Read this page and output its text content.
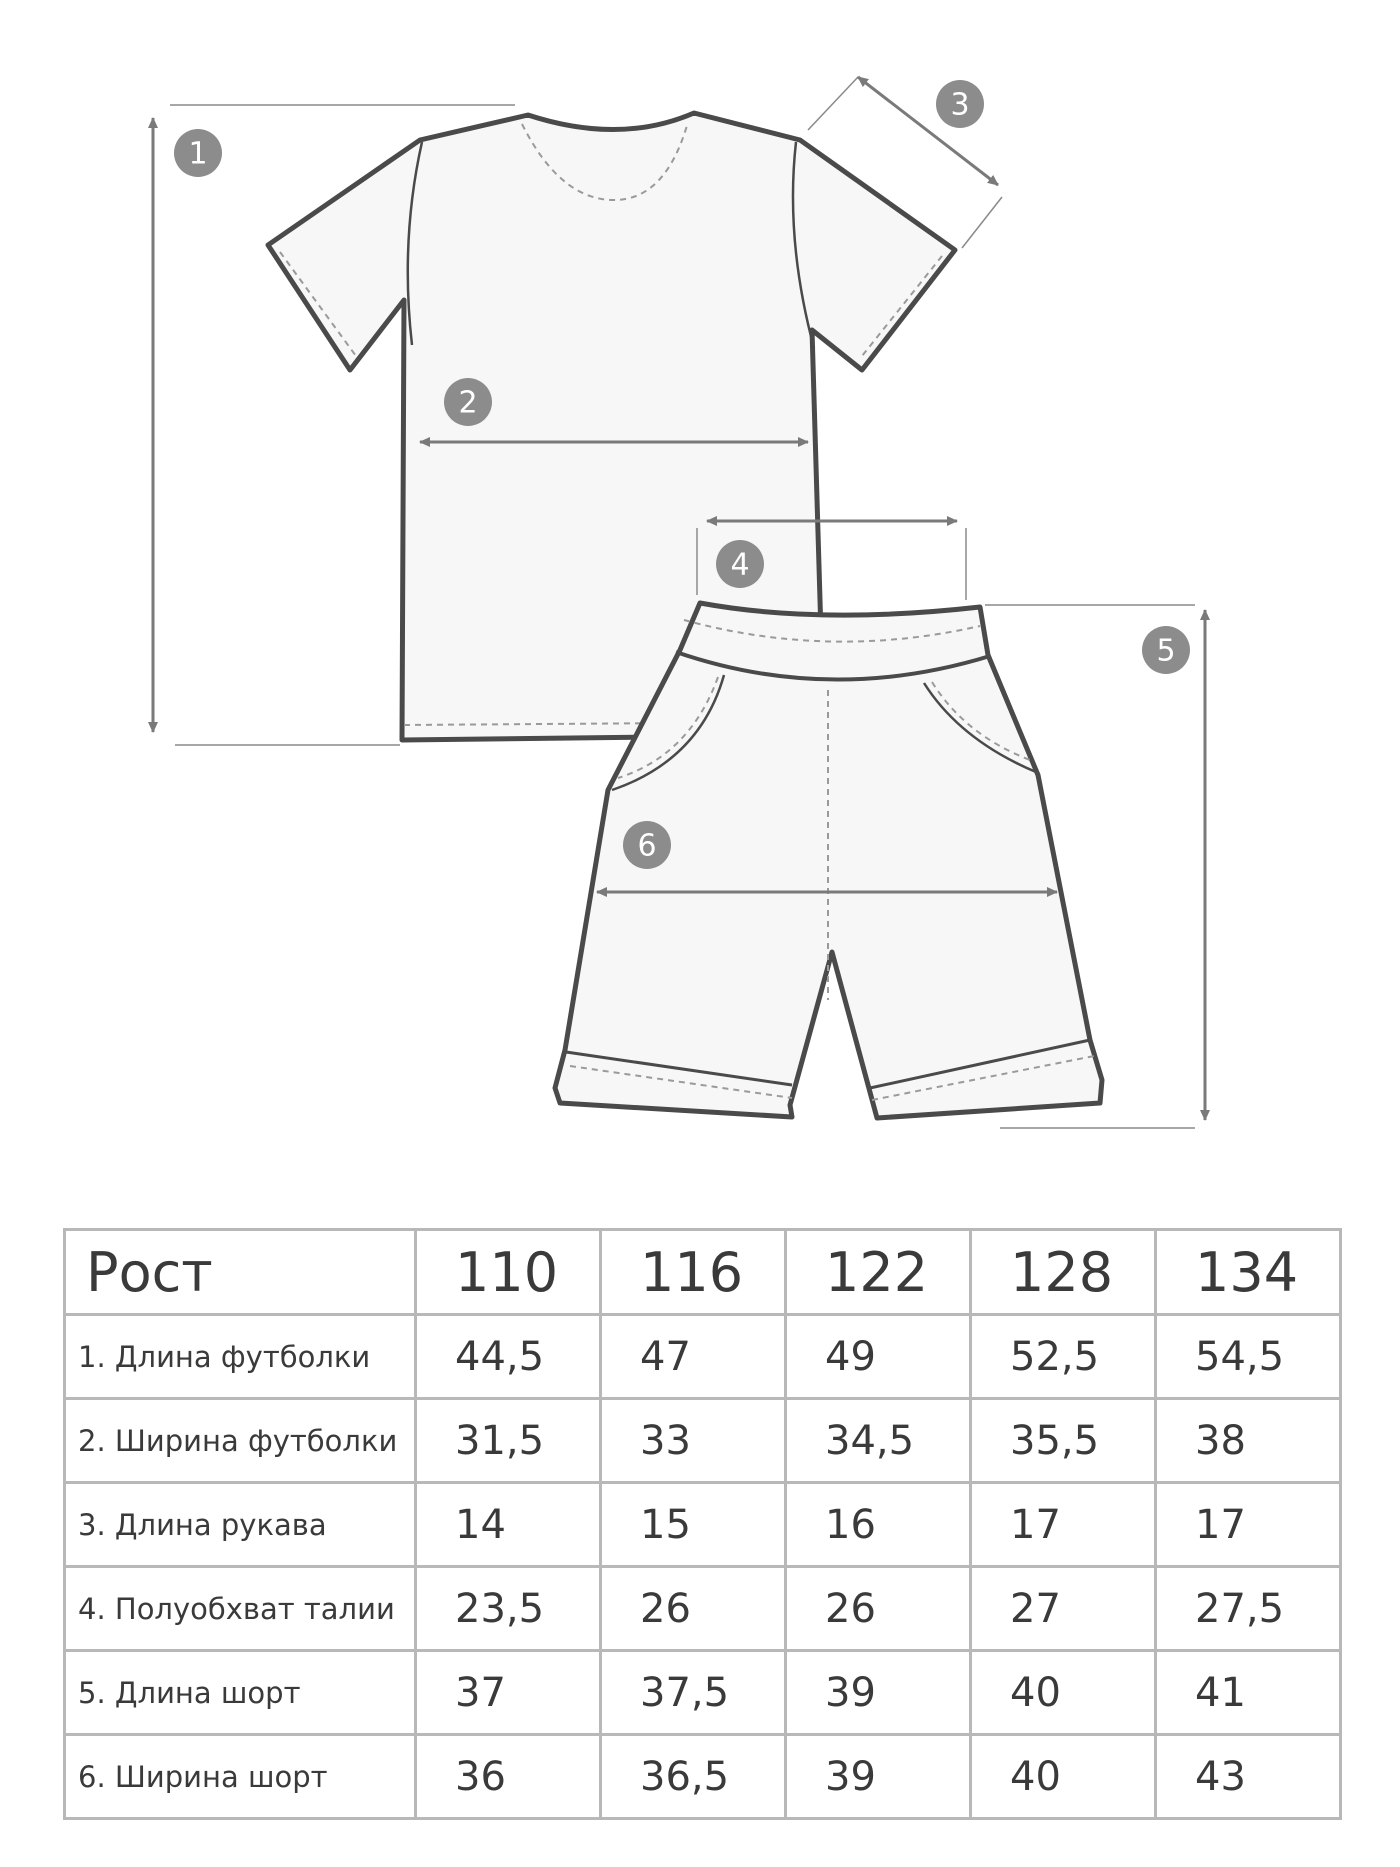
1
2
3
4
5
6
Рост	110	116	122	128	134
1. Длина футболки	44,5	47	49	52,5	54,5
2. Ширина футболки	31,5	33	34,5	35,5	38
3. Длина рукава	14	15	16	17	17
4. Полуобхват талии	23,5	26	26	27	27,5
5. Длина шорт	37	37,5	39	40	41
6. Ширина шорт	36	36,5	39	40	43
